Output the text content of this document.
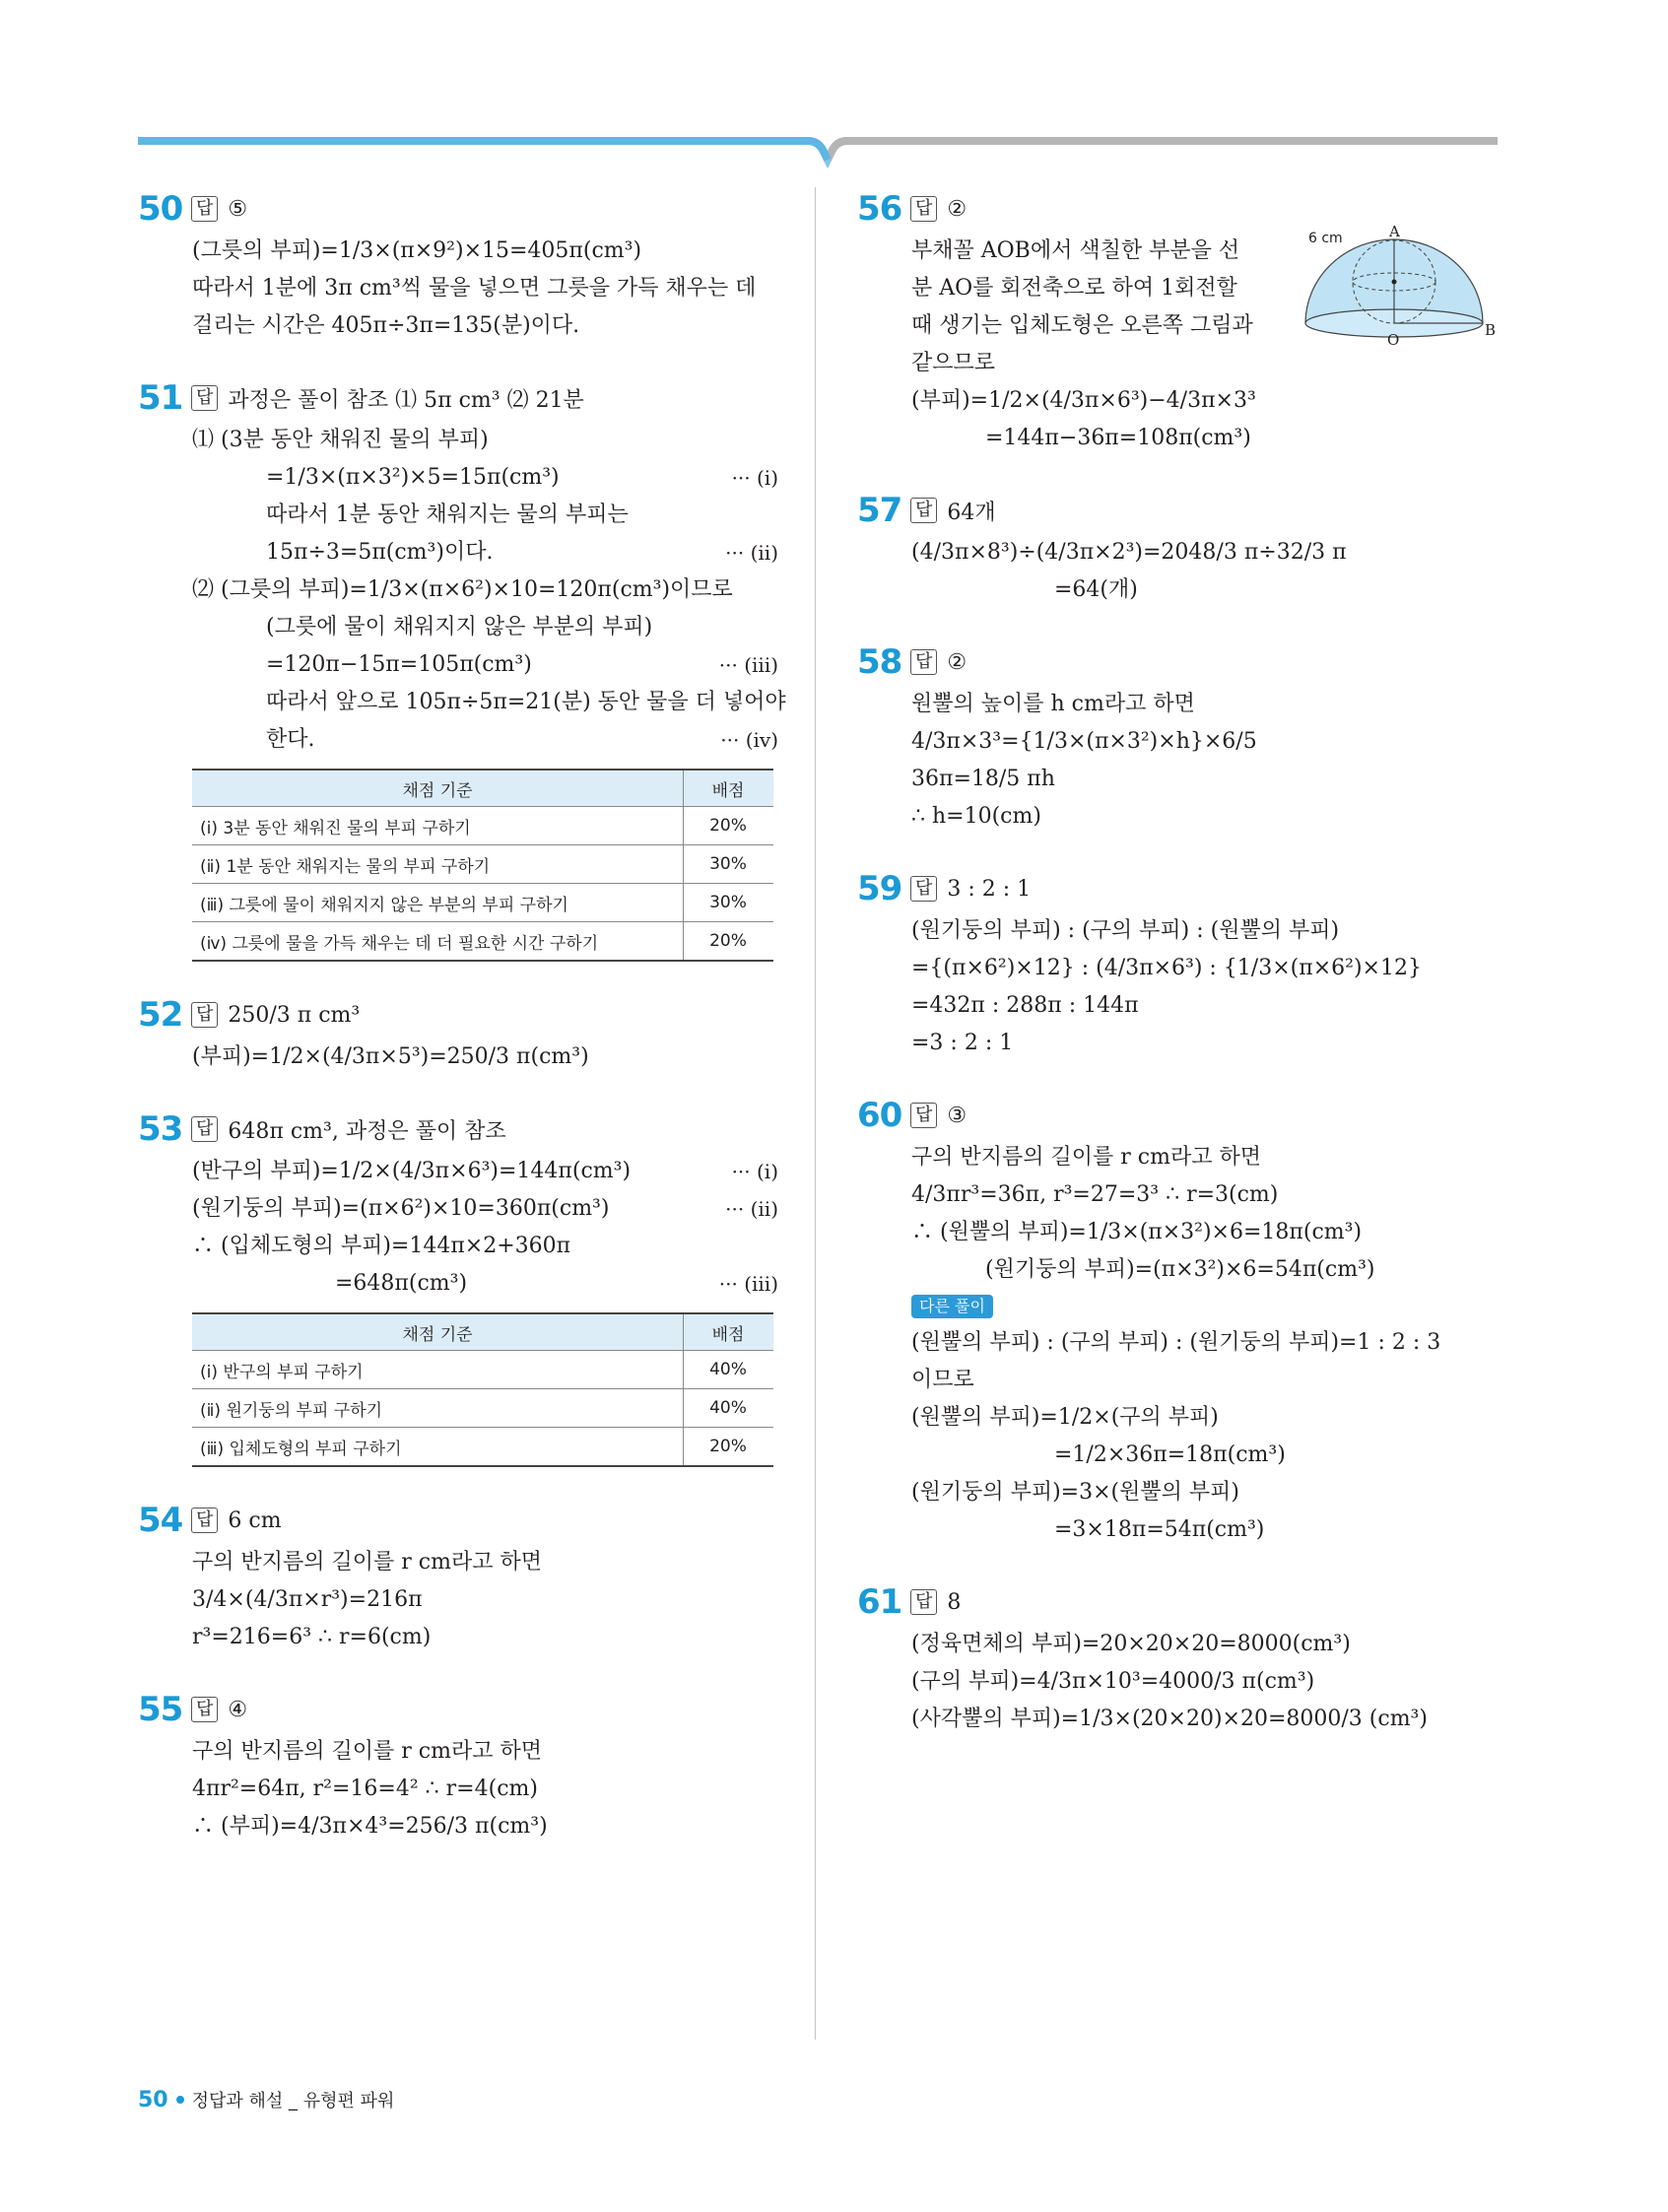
50 답 ⑤
(그릇의 부피)=1/3×(π×9²)×15=405π(cm³)
따라서 1분에 3π cm³씩 물을 넣으면 그릇을 가득 채우는 데
걸리는 시간은 405π÷3π=135(분)이다.
51 답 과정은 풀이 참조 ⑴ 5π cm³ ⑵ 21분
⑴ (3분 동안 채워진 물의 부피)
=1/3×(π×3²)×5=15π(cm³)	··· (ⅰ)
따라서 1분 동안 채워지는 물의 부피는
15π÷3=5π(cm³)이다.	··· (ⅱ)
⑵ (그릇의 부피)=1/3×(π×6²)×10=120π(cm³)이므로
(그릇에 물이 채워지지 않은 부분의 부피)
=120π−15π=105π(cm³)	··· (ⅲ)
따라서 앞으로 105π÷5π=21(분) 동안 물을 더 넣어야
한다.	··· (ⅳ)
채점 기준	배점
(ⅰ) 3분 동안 채워진 물의 부피 구하기	20%
(ⅱ) 1분 동안 채워지는 물의 부피 구하기	30%
(ⅲ) 그릇에 물이 채워지지 않은 부분의 부피 구하기	30%
(ⅳ) 그릇에 물을 가득 채우는 데 더 필요한 시간 구하기	20%
52 답 250/3 π cm³
(부피)=1/2×(4/3π×5³)=250/3 π(cm³)
53 답 648π cm³, 과정은 풀이 참조
(반구의 부피)=1/2×(4/3π×6³)=144π(cm³)	··· (ⅰ)
(원기둥의 부피)=(π×6²)×10=360π(cm³)	··· (ⅱ)
∴ (입체도형의 부피)=144π×2+360π
=648π(cm³)	··· (ⅲ)
채점 기준	배점
(ⅰ) 반구의 부피 구하기	40%
(ⅱ) 원기둥의 부피 구하기	40%
(ⅲ) 입체도형의 부피 구하기	20%
54 답 6 cm
구의 반지름의 길이를 r cm라고 하면
3/4×(4/3π×r³)=216π
r³=216=6³ ∴ r=6(cm)
55 답 ④
구의 반지름의 길이를 r cm라고 하면
4πr²=64π, r²=16=4² ∴ r=4(cm)
∴ (부피)=4/3π×4³=256/3 π(cm³)
56 답 ②
6 cm	A
O
B
부채꼴 AOB에서 색칠한 부분을 선
분 AO를 회전축으로 하여 1회전할
때 생기는 입체도형은 오른쪽 그림과
같으므로
(부피)=1/2×(4/3π×6³)−4/3π×3³
=144π−36π=108π(cm³)
57 답 64개
(4/3π×8³)÷(4/3π×2³)=2048/3 π÷32/3 π
=64(개)
58 답 ②
원뿔의 높이를 h cm라고 하면
4/3π×3³={1/3×(π×3²)×h}×6/5
36π=18/5 πh
∴ h=10(cm)
59 답 3 : 2 : 1
(원기둥의 부피) : (구의 부피) : (원뿔의 부피)
={(π×6²)×12} : (4/3π×6³) : {1/3×(π×6²)×12}
=432π : 288π : 144π
=3 : 2 : 1
60 답 ③
구의 반지름의 길이를 r cm라고 하면
4/3πr³=36π, r³=27=3³ ∴ r=3(cm)
∴ (원뿔의 부피)=1/3×(π×3²)×6=18π(cm³)
(원기둥의 부피)=(π×3²)×6=54π(cm³)
다른 풀이
(원뿔의 부피) : (구의 부피) : (원기둥의 부피)=1 : 2 : 3
이므로
(원뿔의 부피)=1/2×(구의 부피)
=1/2×36π=18π(cm³)
(원기둥의 부피)=3×(원뿔의 부피)
=3×18π=54π(cm³)
61 답 8
(정육면체의 부피)=20×20×20=8000(cm³)
(구의 부피)=4/3π×10³=4000/3 π(cm³)
(사각뿔의 부피)=1/3×(20×20)×20=8000/3 (cm³)
50 정답과 해설 _ 유형편 파워
